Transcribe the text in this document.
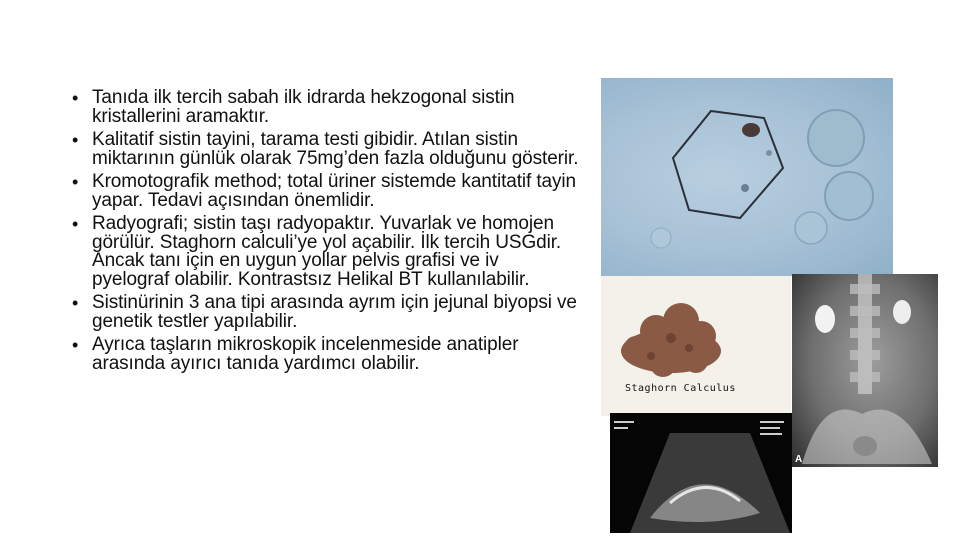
• Tanıda ilk tercih sabah ilk idrarda hekzogonal sistin kristallerini aramaktır.
• Kalitatif sistin tayini, tarama testi gibidir. Atılan sistin miktarının günlük olarak 75mg’den fazla olduğunu gösterir.
• Kromotografik method; total üriner sistemde kantitatif tayin yapar. Tedavi açısından önemlidir.
• Radyografi; sistin taşı radyopaktır. Yuvarlak ve homojen görülür. Staghorn calculi’ye yol açabilir. İlk tercih USGdir. Ancak tanı için en uygun yollar pelvis grafisi ve iv pyelograf olabilir. Kontrastsız Helikal BT kullanılabilir.
• Sistinürinin 3 ana tipi arasında ayrım için jejunal biyopsi ve genetik testler yapılabilir.
• Ayrıca taşların mikroskopik incelenmeside anatipler arasında ayırıcı tanıda yardımcı olabilir.
A
Staghorn Calculus
